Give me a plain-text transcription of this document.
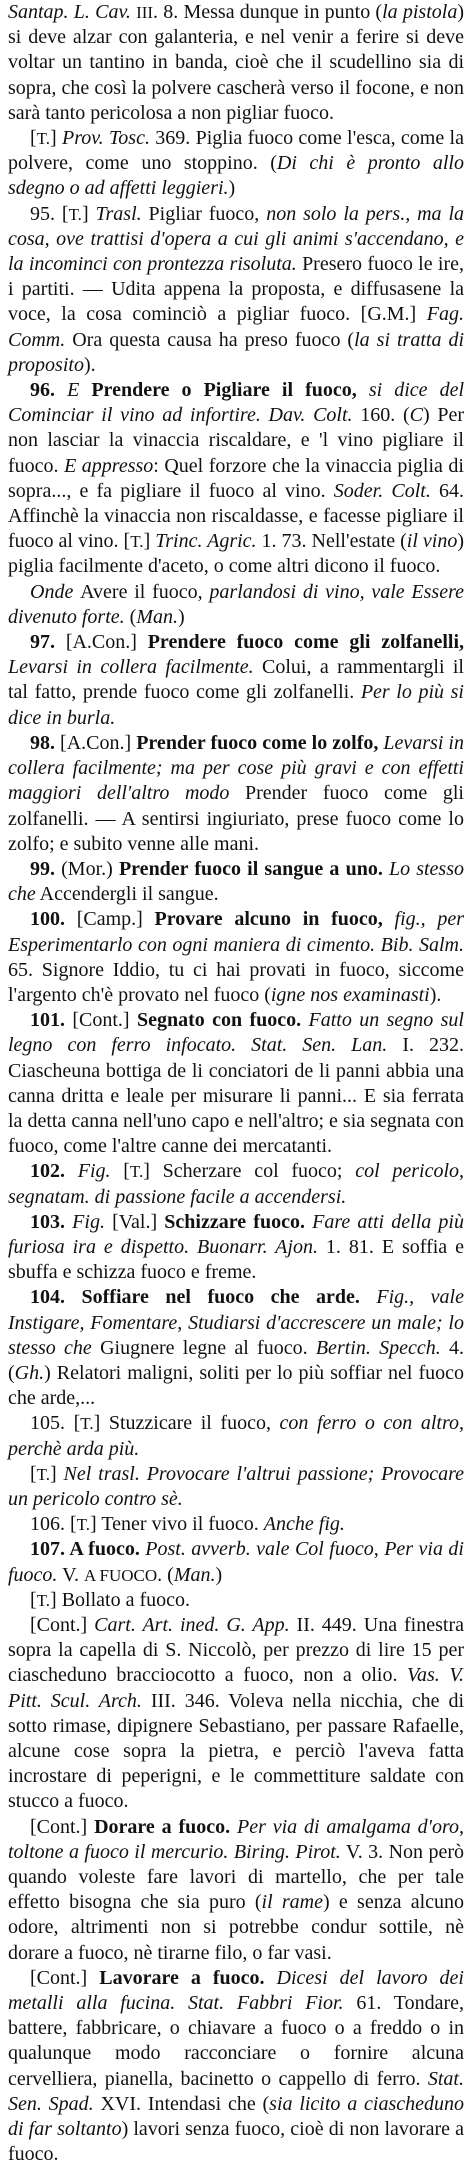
Santap. L. Cav. III. 8. Messa dunque in punto (la pistola) si deve alzar con galanteria, e nel venir a ferire si deve voltar un tantino in banda, cioè che il scudellino sia di sopra, che così la polvere cascherà verso il focone, e non sarà tanto pericolosa a non pigliar fuoco.

[T.] Prov. Tosc. 369. Piglia fuoco come l'esca, come la polvere, come uno stoppino. (Di chi è pronto allo sdegno o ad affetti leggieri.)

95. [T.] Trasl. Pigliar fuoco, non solo la pers., ma la cosa, ove trattisi d'opera a cui gli animi s'accendano, e la incominci con prontezza risoluta. Presero fuoco le ire, i partiti. — Udita appena la proposta, e diffusasene la voce, la cosa cominciò a pigliar fuoco. [G.M.] Fag. Comm. Ora questa causa ha preso fuoco (la si tratta di proposito).

96. E Prendere o Pigliare il fuoco, si dice del Cominciar il vino ad infortire. Dav. Colt. 160. (C) Per non lasciar la vinaccia riscaldare, e 'l vino pigliare il fuoco. E appresso: Quel forzore che la vinaccia piglia di sopra..., e fa pigliare il fuoco al vino. Soder. Colt. 64. Affinchè la vinaccia non riscaldasse, e facesse pigliare il fuoco al vino. [T.] Trinc. Agric. 1. 73. Nell'estate (il vino) piglia facilmente d'aceto, o come altri dicono il fuoco.

Onde Avere il fuoco, parlandosi di vino, vale Essere divenuto forte. (Man.)

97. [A.Con.] Prendere fuoco come gli zolfanelli, Levarsi in collera facilmente. Colui, a rammentargli il tal fatto, prende fuoco come gli zolfanelli. Per lo più si dice in burla.

98. [A.Con.] Prender fuoco come lo zolfo, Levarsi in collera facilmente; ma per cose più gravi e con effetti maggiori dell'altro modo Prender fuoco come gli zolfanelli. — A sentirsi ingiuriato, prese fuoco come lo zolfo; e subito venne alle mani.

99. (Mor.) Prender fuoco il sangue a uno. Lo stesso che Accendergli il sangue.

100. [Camp.] Provare alcuno in fuoco, fig., per Esperimentarlo con ogni maniera di cimento. Bib. Salm. 65. Signore Iddio, tu ci hai provati in fuoco, siccome l'argento ch'è provato nel fuoco (igne nos examinasti).

101. [Cont.] Segnato con fuoco. Fatto un segno sul legno con ferro infocato. Stat. Sen. Lan. I. 232. Ciascheuna bottiga de li conciatori de li panni abbia una canna dritta e leale per misurare li panni... E sia ferrata la detta canna nell'uno capo e nell'altro; e sia segnata con fuoco, come l'altre canne dei mercatanti.

102. Fig. [T.] Scherzare col fuoco; col pericolo, segnatam. di passione facile a accendersi.

103. Fig. [Val.] Schizzare fuoco. Fare atti della più furiosa ira e dispetto. Buonarr. Ajon. 1. 81. E soffia e sbuffa e schizza fuoco e freme.

104. Soffiare nel fuoco che arde. Fig., vale Instigare, Fomentare, Studiarsi d'accrescere un male; lo stesso che Giugnere legne al fuoco. Bertin. Specch. 4. (Gh.) Relatori maligni, soliti per lo più soffiar nel fuoco che arde,...

105. [T.] Stuzzicare il fuoco, con ferro o con altro, perchè arda più.

[T.] Nel trasl. Provocare l'altrui passione; Provocare un pericolo contro sè.

106. [T.] Tener vivo il fuoco. Anche fig.

107. A fuoco. Post. avverb. vale Col fuoco, Per via di fuoco. V. A FUOCO. (Man.)

[T.] Bollato a fuoco.

[Cont.] Cart. Art. ined. G. App. II. 449. Una finestra sopra la capella di S. Niccolò, per prezzo di lire 15 per ciascheduno bracciocotto a fuoco, non a olio. Vas. V. Pitt. Scul. Arch. III. 346. Voleva nella nicchia, che di sotto rimase, dipignere Sebastiano, per passare Rafaelle, alcune cose sopra la pietra, e perciò l'aveva fatta incrostare di peperigni, e le commettiture saldate con stucco a fuoco.

[Cont.] Dorare a fuoco. Per via di amalgama d'oro, toltone a fuoco il mercurio. Biring. Pirot. V. 3. Non però quando voleste fare lavori di martello, che per tale effetto bisogna che sia puro (il rame) e senza alcuno odore, altrimenti non si potrebbe condur sottile, nè dorare a fuoco, nè tirarne filo, o far vasi.

[Cont.] Lavorare a fuoco. Dicesi del lavoro dei metalli alla fucina. Stat. Fabbri Fior. 61. Tondare, battere, fabbricare, o chiavare a fuoco o a freddo o in qualunque modo racconciare o fornire alcuna cervelliera, pianella, bacinetto o cappello di ferro. Stat. Sen. Spad. XVI. Intendasi che (sia licito a ciascheduno di far soltanto) lavori senza fuoco, cioè di non lavorare a fuoco.
